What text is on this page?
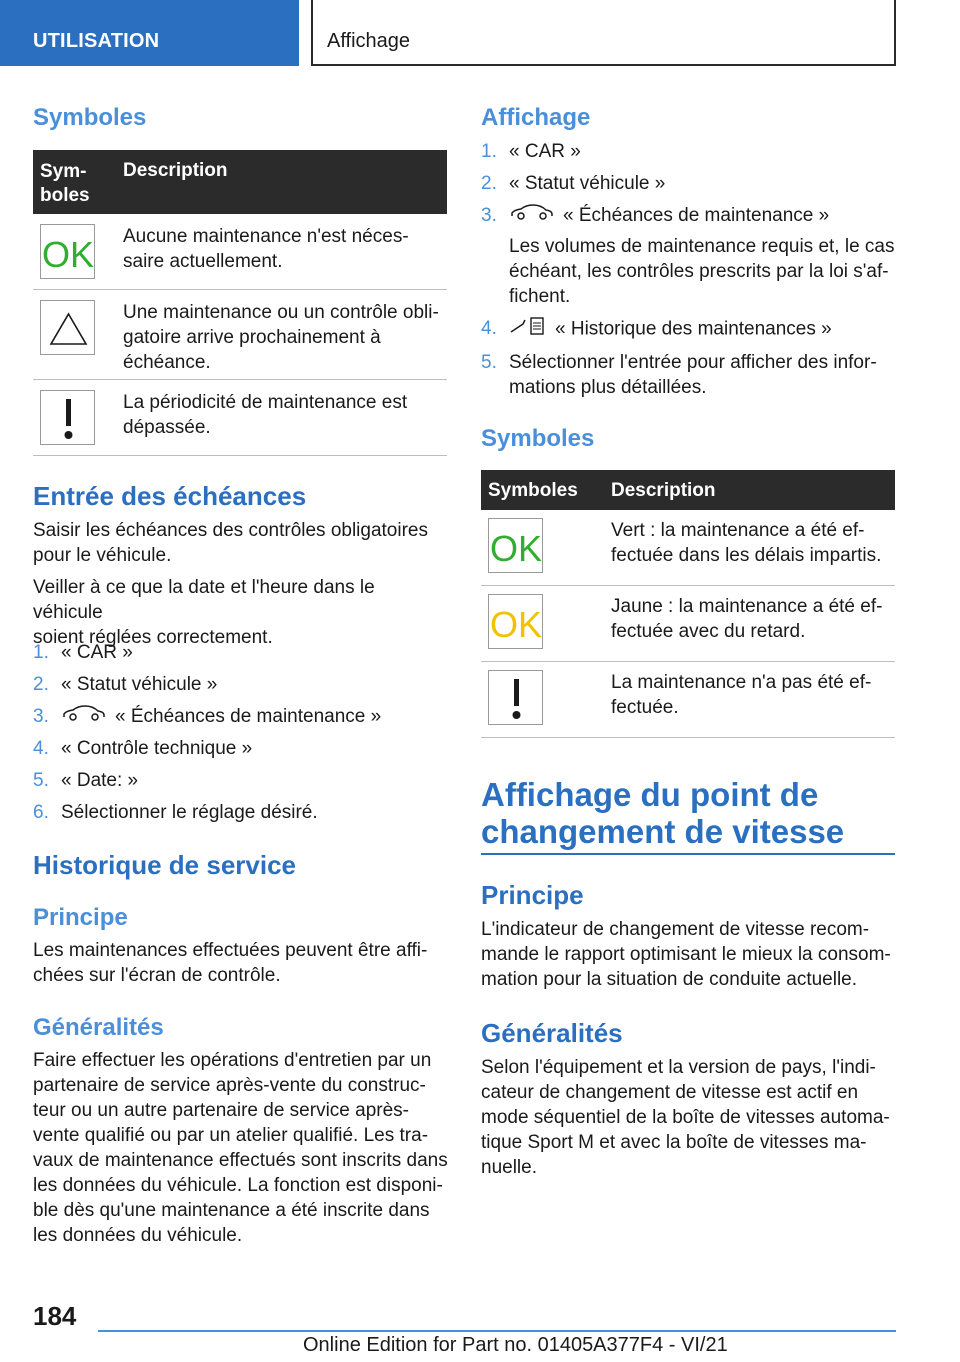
UTILISATION	Affichage
Symboles
Sym-
boles
Description
OK Aucune maintenance n'est néces-
saire actuellement.
Une maintenance ou un contrôle obli-
gatoire arrive prochainement à
échéance.
La périodicité de maintenance est
dépassée.
Entrée des échéances
Saisir les échéances des contrôles obligatoires
pour le véhicule.
Veiller à ce que la date et l'heure dans le véhicule
soient réglées correctement.
1. « CAR »
2. « Statut véhicule »
3.	« Échéances de maintenance »
4. « Contrôle technique »
5. « Date: »
6. Sélectionner le réglage désiré.
Historique de service
Principe
Les maintenances effectuées peuvent être affi-
chées sur l'écran de contrôle.
Généralités
Faire effectuer les opérations d'entretien par un
partenaire de service après-vente du construc-
teur ou un autre partenaire de service après-
vente qualifié ou par un atelier qualifié. Les tra-
vaux de maintenance effectués sont inscrits dans
les données du véhicule. La fonction est disponi-
ble dès qu'une maintenance a été inscrite dans
les données du véhicule.
Affichage
1. « CAR »
2. « Statut véhicule »
3.	« Échéances de maintenance »
Les volumes de maintenance requis et, le cas
échéant, les contrôles prescrits par la loi s'af-
fichent.
4.	« Historique des maintenances »
5. Sélectionner l'entrée pour afficher des infor-
mations plus détaillées.
Symboles
Symboles Description
OK	Vert : la maintenance a été ef-
fectuée dans les délais impartis.
OK	Jaune : la maintenance a été ef-
fectuée avec du retard.
La maintenance n'a pas été ef-
fectuée.
Affichage du point de
changement de vitesse
Principe
L'indicateur de changement de vitesse recom-
mande le rapport optimisant le mieux la consom-
mation pour la situation de conduite actuelle.
Généralités
Selon l'équipement et la version de pays, l'indi-
cateur de changement de vitesse est actif en
mode séquentiel de la boîte de vitesses automa-
tique Sport M et avec la boîte de vitesses ma-
nuelle.
184
Online Edition for Part no. 01405A377F4 - VI/21
